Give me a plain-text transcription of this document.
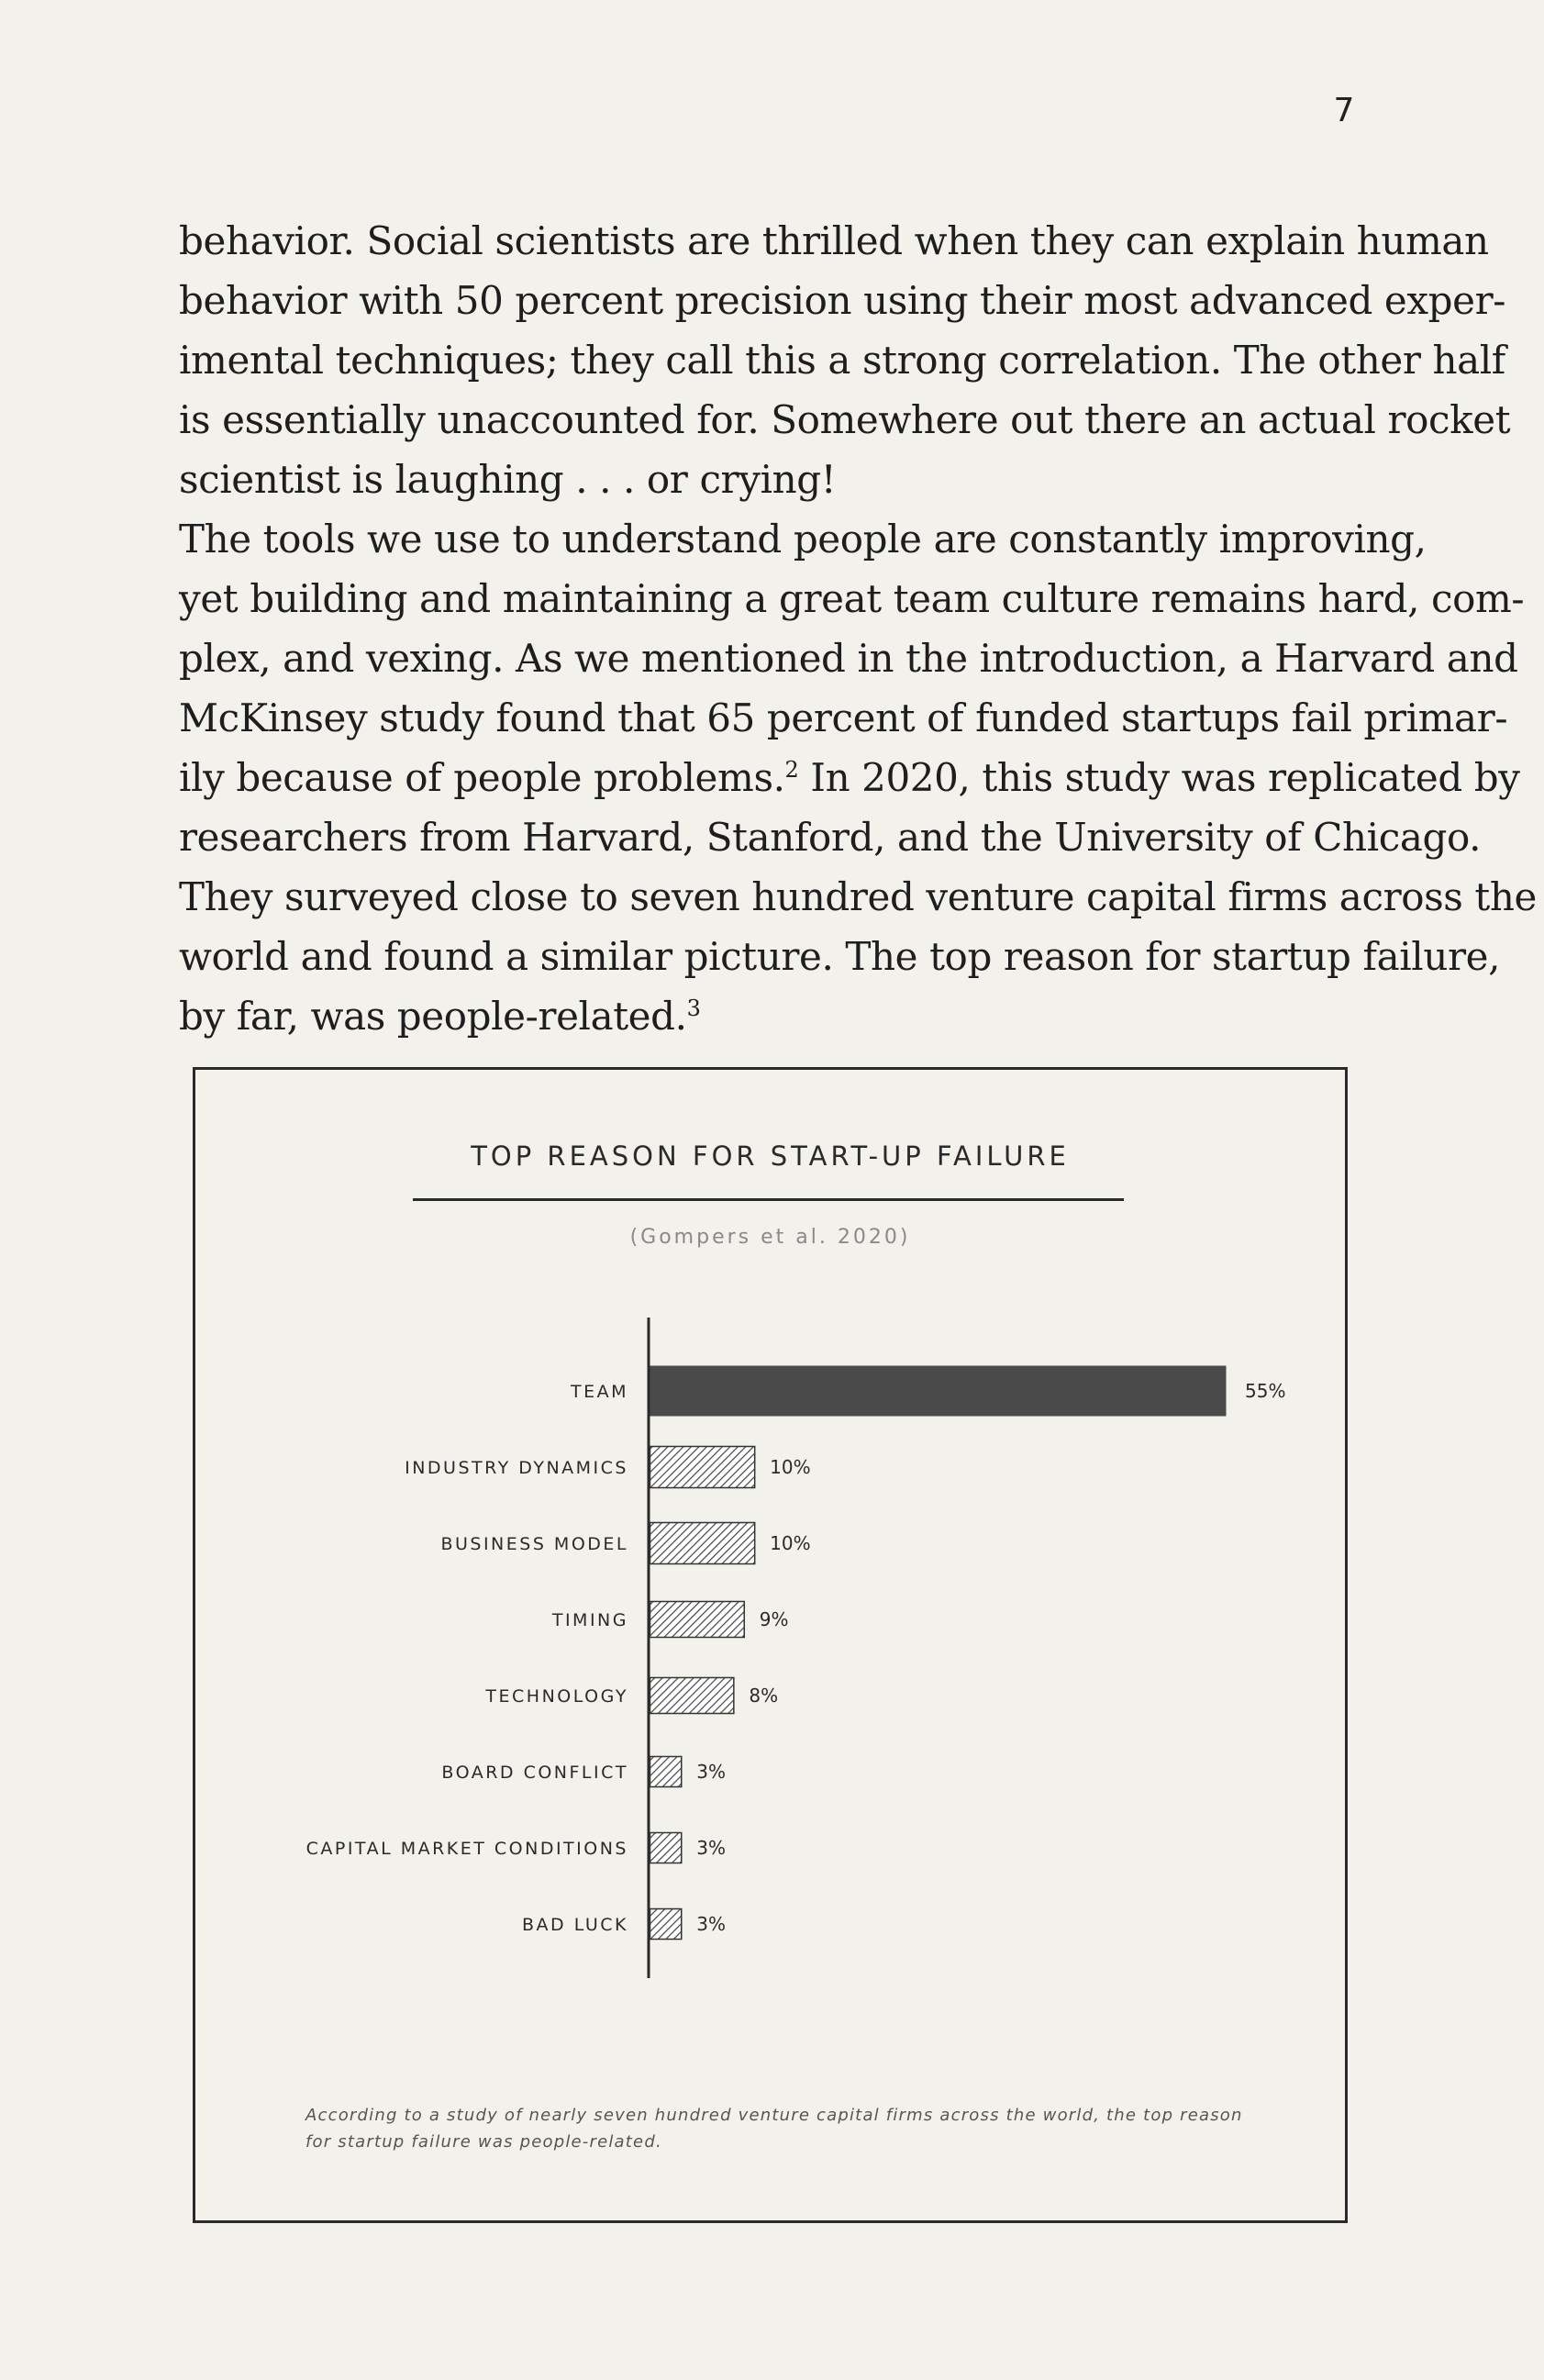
7
behavior. Social scientists are thrilled when they can explain human
behavior with 50 percent precision using their most advanced exper-
imental techniques; they call this a strong correlation. The other half
is essentially unaccounted for. Somewhere out there an actual rocket
scientist is laughing . . . or crying!
The tools we use to understand people are constantly improving,
yet building and maintaining a great team culture remains hard, com-
plex, and vexing. As we mentioned in the introduction, a Harvard and
McKinsey study found that 65 percent of funded startups fail primar-
ily because of people problems.$^2$ In 2020, this study was replicated by
researchers from Harvard, Stanford, and the University of Chicago.
They surveyed close to seven hundred venture capital firms across the
world and found a similar picture. The top reason for startup failure,
by far, was people-related.$^3$
TOP REASON FOR START-UP FAILURE
(Gompers et al. 2020)
TEAM	55%
INDUSTRY DYNAMICS	10%
BUSINESS MODEL	10%
TIMING	9%
TECHNOLOGY	8%
BOARD CONFLICT	3%
CAPITAL MARKET CONDITIONS	3%
BAD LUCK	3%
According to a study of nearly seven hundred venture capital firms across the world, the top reason for startup failure was people-related.
